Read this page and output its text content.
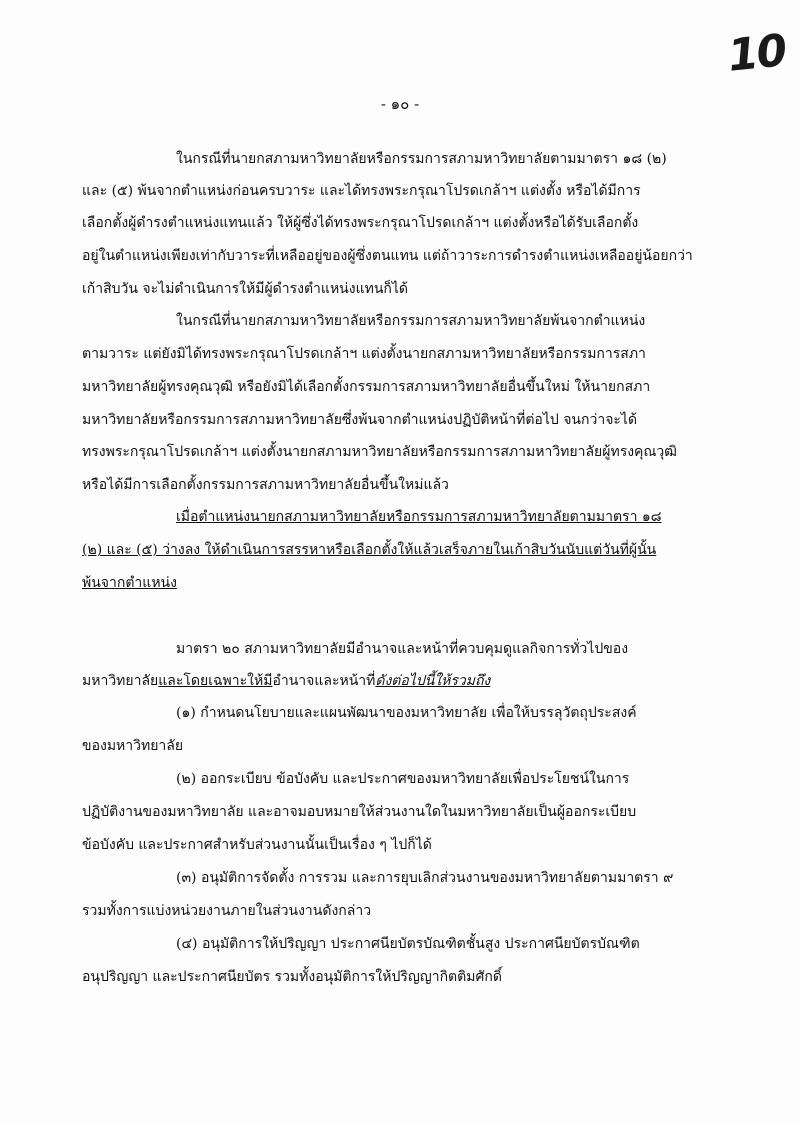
10
- ๑๐ -
ในกรณีที่นายกสภามหาวิทยาลัยหรือกรรมการสภามหาวิทยาลัยตามมาตรา ๑๘ (๒)
และ (๕) พ้นจากตำแหน่งก่อนครบวาระ และได้ทรงพระกรุณาโปรดเกล้าฯ แต่งตั้ง หรือได้มีการ
เลือกตั้งผู้ดำรงตำแหน่งแทนแล้ว ให้ผู้ซึ่งได้ทรงพระกรุณาโปรดเกล้าฯ แต่งตั้งหรือได้รับเลือกตั้ง
อยู่ในตำแหน่งเพียงเท่ากับวาระที่เหลืออยู่ของผู้ซึ่งตนแทน แต่ถ้าวาระการดำรงตำแหน่งเหลืออยู่น้อยกว่า
เก้าสิบวัน จะไม่ดำเนินการให้มีผู้ดำรงตำแหน่งแทนก็ได้
ในกรณีที่นายกสภามหาวิทยาลัยหรือกรรมการสภามหาวิทยาลัยพ้นจากตำแหน่ง
ตามวาระ แต่ยังมิได้ทรงพระกรุณาโปรดเกล้าฯ แต่งตั้งนายกสภามหาวิทยาลัยหรือกรรมการสภา
มหาวิทยาลัยผู้ทรงคุณวุฒิ หรือยังมิได้เลือกตั้งกรรมการสภามหาวิทยาลัยอื่นขึ้นใหม่ ให้นายกสภา
มหาวิทยาลัยหรือกรรมการสภามหาวิทยาลัยซึ่งพ้นจากตำแหน่งปฏิบัติหน้าที่ต่อไป จนกว่าจะได้
ทรงพระกรุณาโปรดเกล้าฯ แต่งตั้งนายกสภามหาวิทยาลัยหรือกรรมการสภามหาวิทยาลัยผู้ทรงคุณวุฒิ
หรือได้มีการเลือกตั้งกรรมการสภามหาวิทยาลัยอื่นขึ้นใหม่แล้ว
เมื่อตำแหน่งนายกสภามหาวิทยาลัยหรือกรรมการสภามหาวิทยาลัยตามมาตรา ๑๘
(๒) และ (๕) ว่างลง ให้ดำเนินการสรรหาหรือเลือกตั้งให้แล้วเสร็จภายในเก้าสิบวันนับแต่วันที่ผู้นั้น
พ้นจากตำแหน่ง
มาตรา ๒๐ สภามหาวิทยาลัยมีอำนาจและหน้าที่ควบคุมดูแลกิจการทั่วไปของ
มหาวิทยาลัยและโดยเฉพาะให้มีอำนาจและหน้าที่ดังต่อไปนี้ให้รวมถึง
(๑) กำหนดนโยบายและแผนพัฒนาของมหาวิทยาลัย เพื่อให้บรรลุวัตถุประสงค์
ของมหาวิทยาลัย
(๒) ออกระเบียบ ข้อบังคับ และประกาศของมหาวิทยาลัยเพื่อประโยชน์ในการ
ปฏิบัติงานของมหาวิทยาลัย และอาจมอบหมายให้ส่วนงานใดในมหาวิทยาลัยเป็นผู้ออกระเบียบ
ข้อบังคับ และประกาศสำหรับส่วนงานนั้นเป็นเรื่อง ๆ ไปก็ได้
(๓) อนุมัติการจัดตั้ง การรวม และการยุบเลิกส่วนงานของมหาวิทยาลัยตามมาตรา ๙
รวมทั้งการแบ่งหน่วยงานภายในส่วนงานดังกล่าว
(๔) อนุมัติการให้ปริญญา ประกาศนียบัตรบัณฑิตชั้นสูง ประกาศนียบัตรบัณฑิต
อนุปริญญา และประกาศนียบัตร รวมทั้งอนุมัติการให้ปริญญากิตติมศักดิ์
